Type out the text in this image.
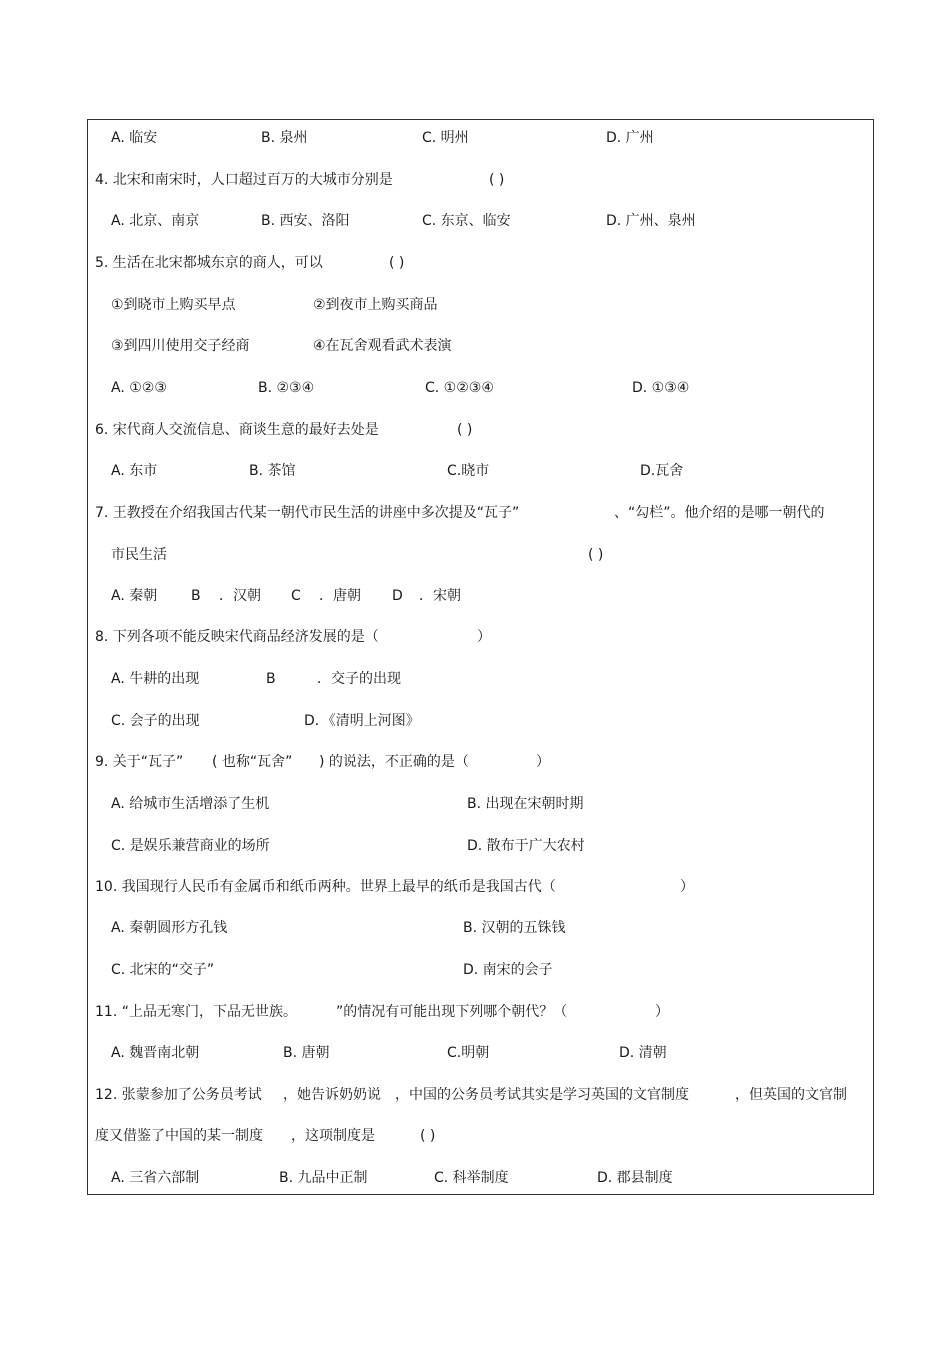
A. 临安	B. 泉州	C. 明州	D. 广州
4. 北宋和南宋时，人口超过百万的大城市分别是	( )
A. 北京、南京	B. 西安、洛阳	C. 东京、临安	D. 广州、泉州
5. 生活在北宋都城东京的商人，可以	( )
①到晓市上购买早点	②到夜市上购买商品
③到四川使用交子经商	④在瓦舍观看武术表演
A. ①②③	B. ②③④	C. ①②③④	D. ①③④
6. 宋代商人交流信息、商谈生意的最好去处是	( )
A. 东市	B. 茶馆	C.晓市	D.瓦舍
7. 王教授在介绍我国古代某一朝代市民生活的讲座中多次提及“瓦子”	、“勾栏”。他介绍的是哪一朝代的
市民生活	( )
A. 秦朝 B ．汉朝 C ．唐朝 D ．宋朝
8. 下列各项不能反映宋代商品经济发展的是（	）
A. 牛耕的出现	B	．交子的出现
C. 会子的出现	D．《清明上河图》
9. 关于“瓦子” ( 也称“瓦舍” ) 的说法，不正确的是（	）
A. 给城市生活增添了生机	B. 出现在宋朝时期
C. 是娱乐兼营商业的场所	D. 散布于广大农村
10. 我国现行人民币有金属币和纸币两种。世界上最早的纸币是我国古代（	）
A. 秦朝圆形方孔钱	B. 汉朝的五铢钱
C. 北宋的“交子”	D. 南宋的会子
11. “上品无寒门，下品无世族。	”的情况有可能出现下列哪个朝代？（	）
A. 魏晋南北朝	B. 唐朝	C.明朝	D. 清朝
12. 张蒙参加了公务员考试 ，她告诉奶奶说 ，中国的公务员考试其实是学习英国的文官制度	，但英国的文官制
度又借鉴了中国的某一制度 ，这项制度是	( )
A. 三省六部制	B. 九品中正制	C. 科举制度	D. 郡县制度
